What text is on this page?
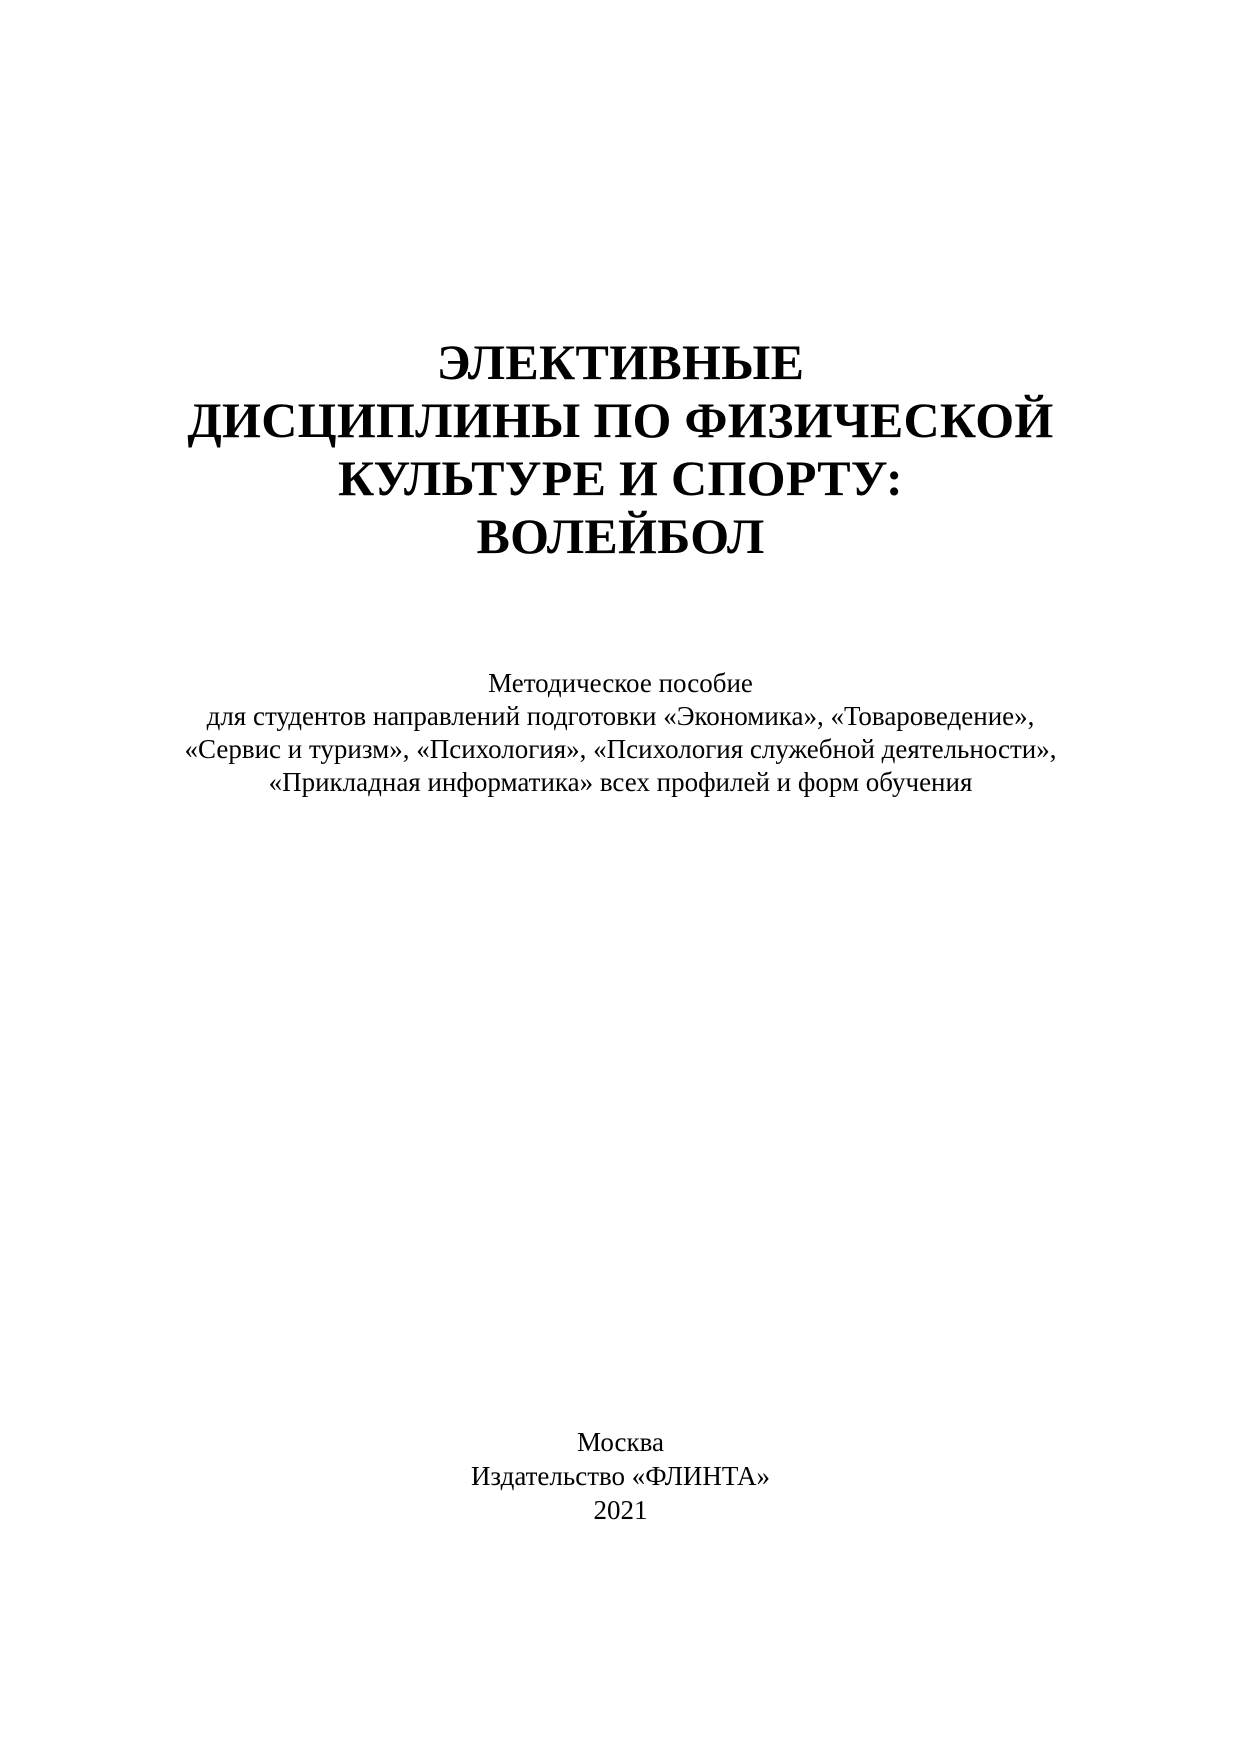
ЭЛЕКТИВНЫЕ
ДИСЦИПЛИНЫ ПО ФИЗИЧЕСКОЙ
КУЛЬТУРЕ И СПОРТУ:
ВОЛЕЙБОЛ
Методическое пособие
для студентов направлений подготовки «Экономика», «Товароведение»,
«Сервис и туризм», «Психология», «Психология служебной деятельности»,
«Прикладная информатика» всех профилей и форм обучения
Москва
Издательство «ФЛИНТА»
2021
